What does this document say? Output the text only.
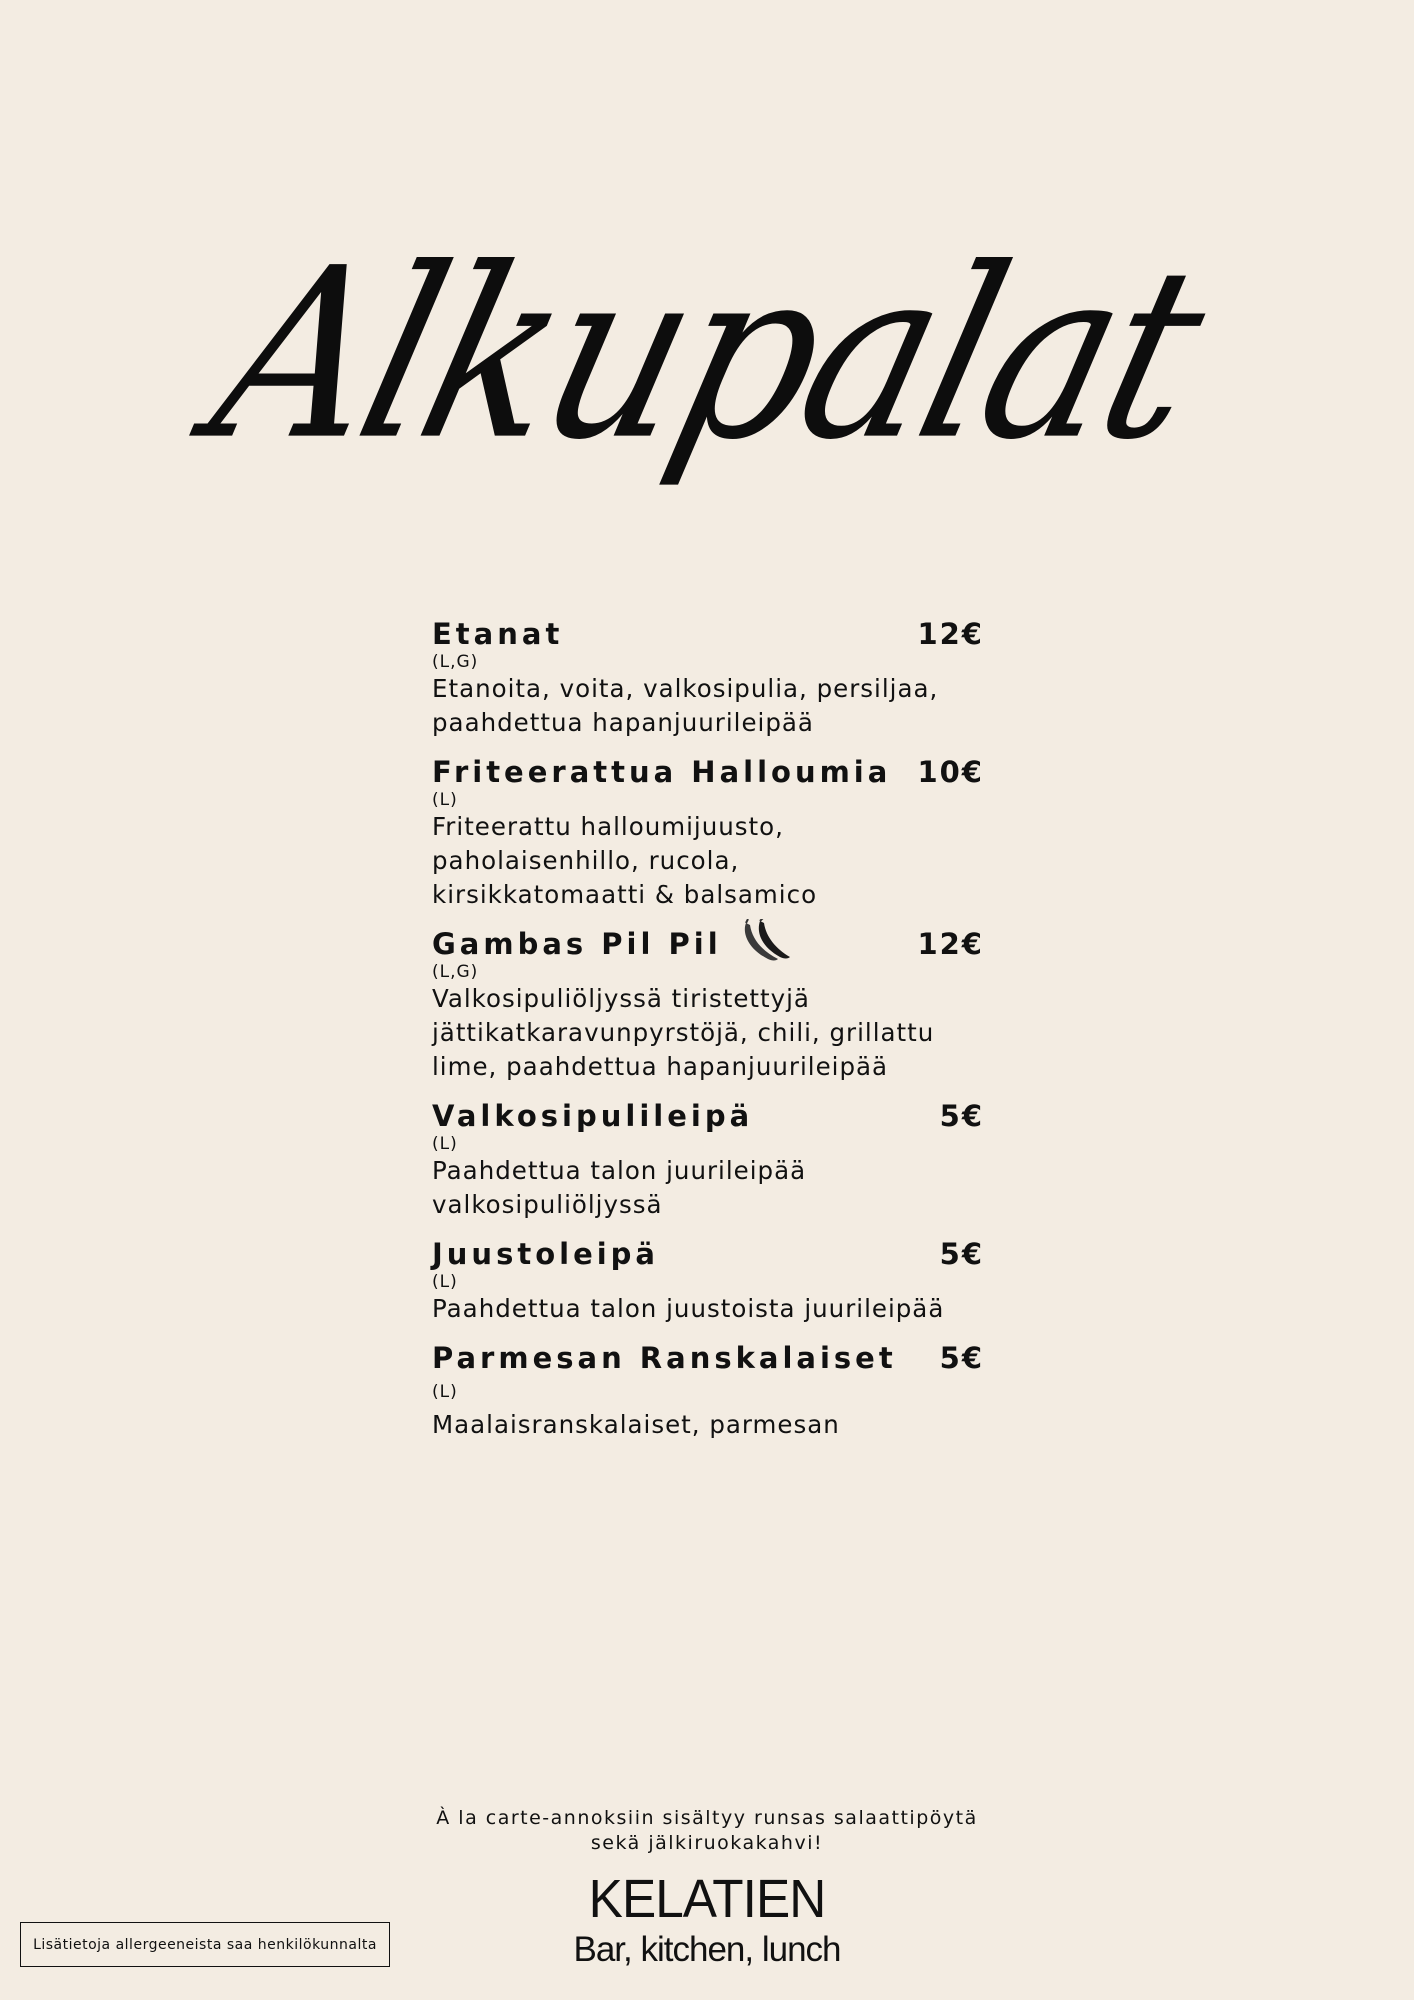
Alkupalat
Etanat	12€
(L,G)
Etanoita, voita, valkosipulia, persiljaa,
paahdettua hapanjuurileipää
Friteerattua Halloumia 10€
(L)
Friteerattu halloumijuusto,
paholaisenhillo, rucola,
kirsikkatomaatti & balsamico
Gambas Pil Pil	12€
(L,G)
Valkosipuliöljyssä tiristettyjä
jättikatkaravunpyrstöjä, chili, grillattu
lime, paahdettua hapanjuurileipää
Valkosipulileipä	5€
(L)
Paahdettua talon juurileipää
valkosipuliöljyssä
Juustoleipä	5€
(L)
Paahdettua talon juustoista juurileipää
Parmesan Ranskalaiset 5€
(L)
Maalaisranskalaiset, parmesan
À la carte-annoksiin sisältyy runsas salaattipöytä
sekä jälkiruokakahvi!
KELATIEN
Bar, kitchen, lunch
Lisätietoja allergeeneista saa henkilökunnalta
